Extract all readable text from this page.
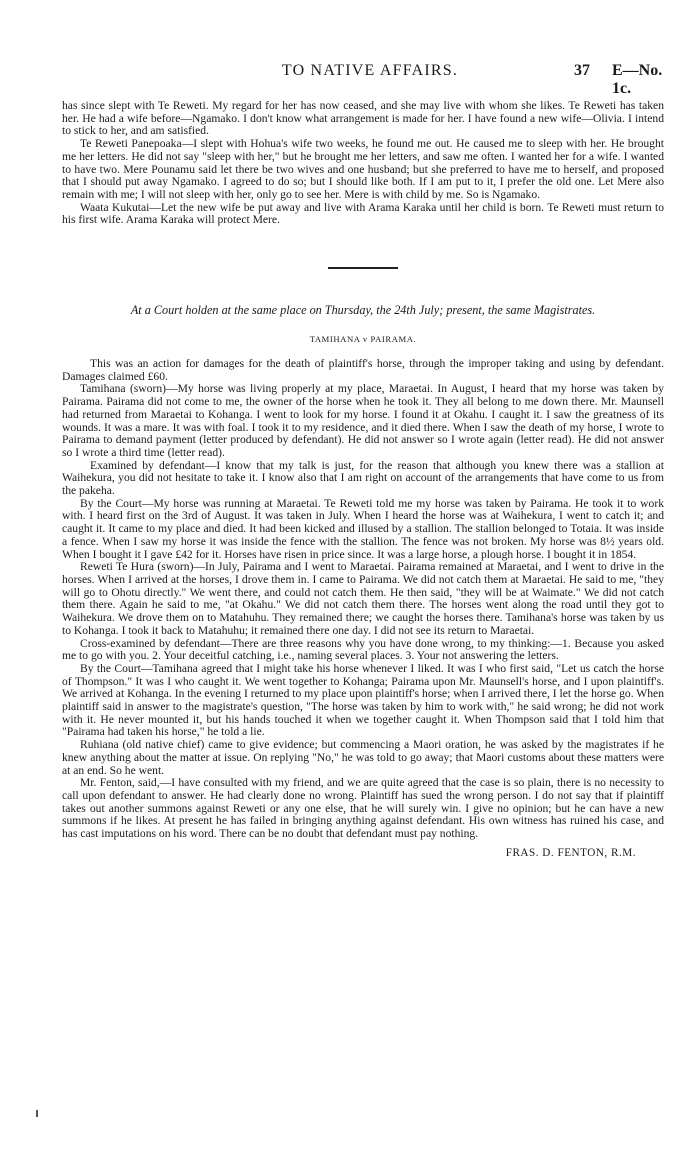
TO NATIVE AFFAIRS.	37 E—No. 1c.

has since slept with Te Reweti. My regard for her has now ceased, and she may live with whom she likes. Te Reweti has taken her. He had a wife before—Ngamako. I don't know what arrangement is made for her. I have found a new wife—Olivia. I intend to stick to her, and am satisfied.

Te Reweti Panepoaka—I slept with Hohua's wife two weeks, he found me out. He caused me to sleep with her. He brought me her letters. He did not say "sleep with her," but he brought me her letters, and saw me often. I wanted her for a wife. I wanted to have two. Mere Pounamu said let there be two wives and one husband; but she preferred to have me to herself, and proposed that I should put away Ngamako. I agreed to do so; but I should like both. If I am put to it, I prefer the old one. Let Mere also remain with me; I will not sleep with her, only go to see her. Mere is with child by me. So is Ngamako.

Waata Kukutai—Let the new wife be put away and live with Arama Karaka until her child is born. Te Reweti must return to his first wife. Arama Karaka will protect Mere.

At a Court holden at the same place on Thursday, the 24th July; present, the same Magistrates.
TAMIHANA v PAIRAMA.

This was an action for damages for the death of plaintiff's horse, through the improper taking and using by defendant. Damages claimed £60.

Tamihana (sworn)—My horse was living properly at my place, Maraetai. In August, I heard that my horse was taken by Pairama. Pairama did not come to me, the owner of the horse when he took it. They all belong to me down there. Mr. Maunsell had returned from Maraetai to Kohanga. I went to look for my horse. I found it at Okahu. I caught it. I saw the greatness of its wounds. It was a mare. It was with foal. I took it to my residence, and it died there. When I saw the death of my horse, I wrote to Pairama to demand payment (letter produced by defendant). He did not answer so I wrote again (letter read). He did not answer so I wrote a third time (letter read).

Examined by defendant—I know that my talk is just, for the reason that although you knew there was a stallion at Waihekura, you did not hesitate to take it. I know also that I am right on account of the arrangements that have come to us from the pakeha.

By the Court—My horse was running at Maraetai. Te Reweti told me my horse was taken by Pairama. He took it to work with. I heard first on the 3rd of August. It was taken in July. When I heard the horse was at Waihekura, I went to catch it; and caught it. It came to my place and died. It had been kicked and illused by a stallion. The stallion belonged to Totaia. It was inside a fence. When I saw my horse it was inside the fence with the stallion. The fence was not broken. My horse was 8½ years old. When I bought it I gave £42 for it. Horses have risen in price since. It was a large horse, a plough horse. I bought it in 1854.

Reweti Te Hura (sworn)—In July, Pairama and I went to Maraetai. Pairama remained at Maraetai, and I went to drive in the horses. When I arrived at the horses, I drove them in. I came to Pairama. We did not catch them at Maraetai. He said to me, "they will go to Ohotu directly." We went there, and could not catch them. He then said, "they will be at Waimate." We did not catch them there. Again he said to me, "at Okahu." We did not catch them there. The horses went along the road until they got to Waihekura. We drove them on to Matahuhu. They remained there; we caught the horses there. Tamihana's horse was taken by us to Kohanga. I took it back to Matahuhu; it remained there one day. I did not see its return to Maraetai.

Cross-examined by defendant—There are three reasons why you have done wrong, to my thinking:—1. Because you asked me to go with you. 2. Your deceitful catching, i.e., naming several places. 3. Your not answering the letters.

By the Court—Tamihana agreed that I might take his horse whenever I liked. It was I who first said, "Let us catch the horse of Thompson." It was I who caught it. We went together to Kohanga; Pairama upon Mr. Maunsell's horse, and I upon plaintiff's. We arrived at Kohanga. In the evening I returned to my place upon plaintiff's horse; when I arrived there, I let the horse go. When plaintiff said in answer to the magistrate's question, "The horse was taken by him to work with," he said wrong; he did not work with it. He never mounted it, but his hands touched it when we together caught it. When Thompson said that I told him that "Pairama had taken his horse," he told a lie.

Ruhiana (old native chief) came to give evidence; but commencing a Maori oration, he was asked by the magistrates if he knew anything about the matter at issue. On replying "No," he was told to go away; that Maori customs about these matters were at an end. So he went.

Mr. Fenton, said,—I have consulted with my friend, and we are quite agreed that the case is so plain, there is no necessity to call upon defendant to answer. He had clearly done no wrong. Plaintiff has sued the wrong person. I do not say that if plaintiff takes out another summons against Reweti or any one else, that he will surely win. I give no opinion; but he can have a new summons if he likes. At present he has failed in bringing anything against defendant. His own witness has ruined his case, and has cast imputations on his word. There can be no doubt that defendant must pay nothing.

FRAS. D. FENTON, R.M.
